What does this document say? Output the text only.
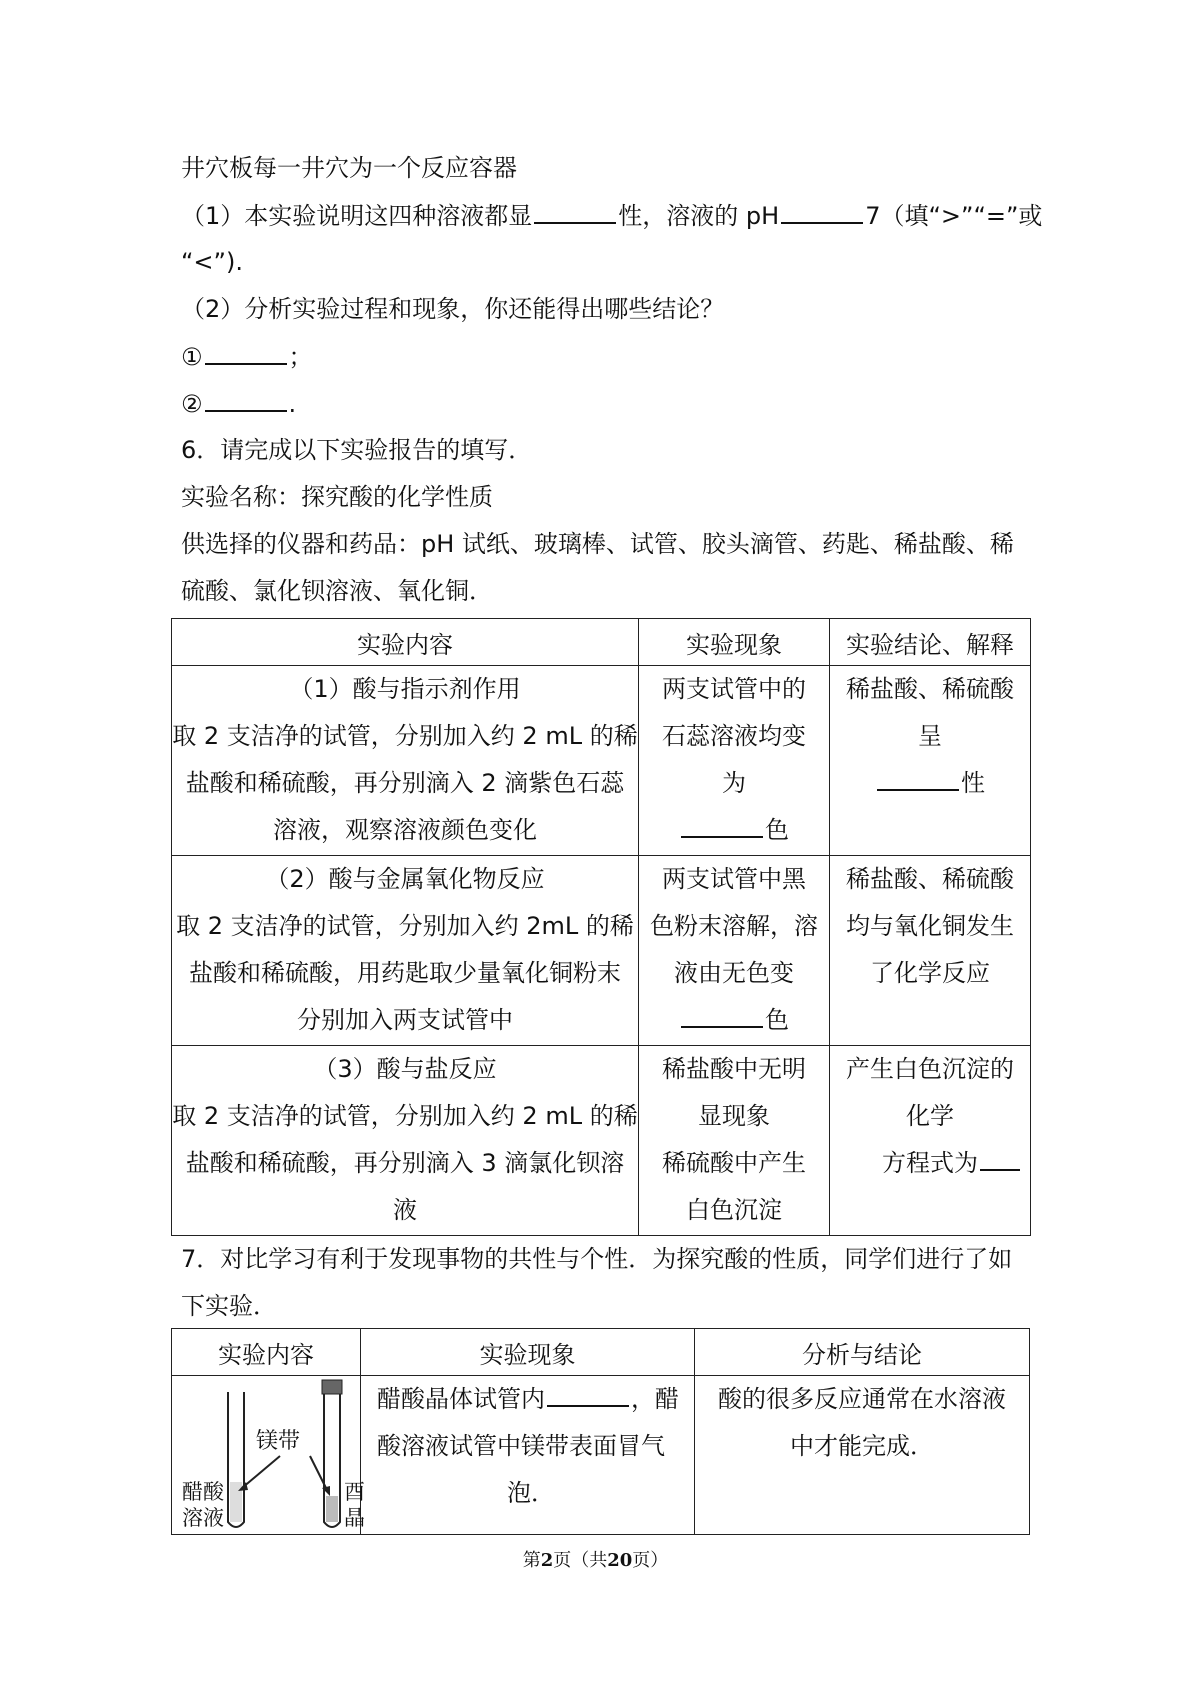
井穴板每一井穴为一个反应容器
（1）本实验说明这四种溶液都显	性，溶液的 pH	7（填“>”“=”或
“<”).
（2）分析实验过程和现象，你还能得出哪些结论？
①	；
②	.
6．请完成以下实验报告的填写．
实验名称：探究酸的化学性质
供选择的仪器和药品：pH 试纸、玻璃棒、试管、胶头滴管、药匙、稀盐酸、稀
硫酸、氯化钡溶液、氧化铜．
实验内容	实验现象	实验结论、解释

（1）酸与指示剂作用
取 2 支洁净的试管，分别加入约 2 mL 的稀
盐酸和稀硫酸，再分别滴入 2 滴紫色石蕊
溶液，观察溶液颜色变化	两支试管中的
石蕊溶液均变
为
色	稀盐酸、稀硫酸
呈
性

（2）酸与金属氧化物反应
取 2 支洁净的试管，分别加入约 2mL 的稀
盐酸和稀硫酸，用药匙取少量氧化铜粉末
分别加入两支试管中	两支试管中黑
色粉末溶解，溶
液由无色变
色	稀盐酸、稀硫酸
均与氧化铜发生
了化学反应

（3）酸与盐反应
取 2 支洁净的试管，分别加入约 2 mL 的稀
盐酸和稀硫酸，再分别滴入 3 滴氯化钡溶
液	稀盐酸中无明
显现象
稀硫酸中产生
白色沉淀	产生白色沉淀的
化学
方程式为
7．对比学习有利于发现事物的共性与个性．为探究酸的性质，同学们进行了如
下实验．
实验内容	实验现象	分析与结论

镁带
醋酸
溶液
酉
晶	醋酸晶体试管内 ，醋
酸溶液试管中镁带表面冒气
泡．	酸的很多反应通常在水溶液
中才能完成．
第2页（共20页）
